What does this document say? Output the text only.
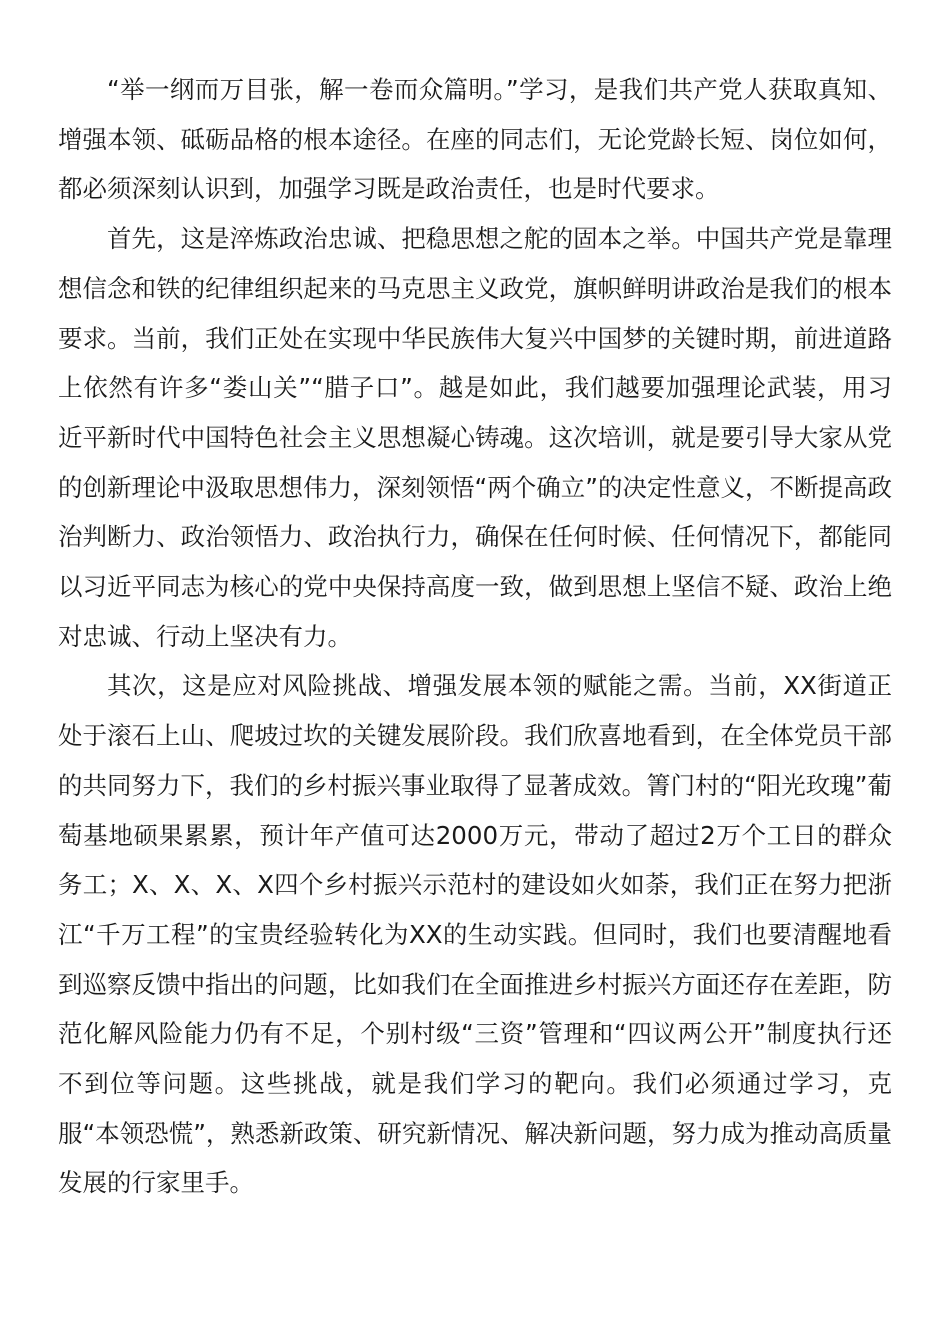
“举一纲而万目张，解一卷而众篇明。”学习，是我们共产党人获取真知、增强本领、砥砺品格的根本途径。在座的同志们，无论党龄长短、岗位如何，都必须深刻认识到，加强学习既是政治责任，也是时代要求。

首先，这是淬炼政治忠诚、把稳思想之舵的固本之举。中国共产党是靠理想信念和铁的纪律组织起来的马克思主义政党，旗帜鲜明讲政治是我们的根本要求。当前，我们正处在实现中华民族伟大复兴中国梦的关键时期，前进道路上依然有许多“娄山关”“腊子口”。越是如此，我们越要加强理论武装，用习近平新时代中国特色社会主义思想凝心铸魂。这次培训，就是要引导大家从党的创新理论中汲取思想伟力，深刻领悟“两个确立”的决定性意义，不断提高政治判断力、政治领悟力、政治执行力，确保在任何时候、任何情况下，都能同以习近平同志为核心的党中央保持高度一致，做到思想上坚信不疑、政治上绝对忠诚、行动上坚决有力。

其次，这是应对风险挑战、增强发展本领的赋能之需。当前，XX街道正处于滚石上山、爬坡过坎的关键发展阶段。我们欣喜地看到，在全体党员干部的共同努力下，我们的乡村振兴事业取得了显著成效。箐门村的“阳光玫瑰”葡萄基地硕果累累，预计年产值可达2000万元，带动了超过2万个工日的群众务工；X、X、X、X四个乡村振兴示范村的建设如火如荼，我们正在努力把浙江“千万工程”的宝贵经验转化为XX的生动实践。但同时，我们也要清醒地看到巡察反馈中指出的问题，比如我们在全面推进乡村振兴方面还存在差距，防范化解风险能力仍有不足，个别村级“三资”管理和“四议两公开”制度执行还不到位等问题。这些挑战，就是我们学习的靶向。我们必须通过学习，克服“本领恐慌”，熟悉新政策、研究新情况、解决新问题，努力成为推动高质量发展的行家里手。
